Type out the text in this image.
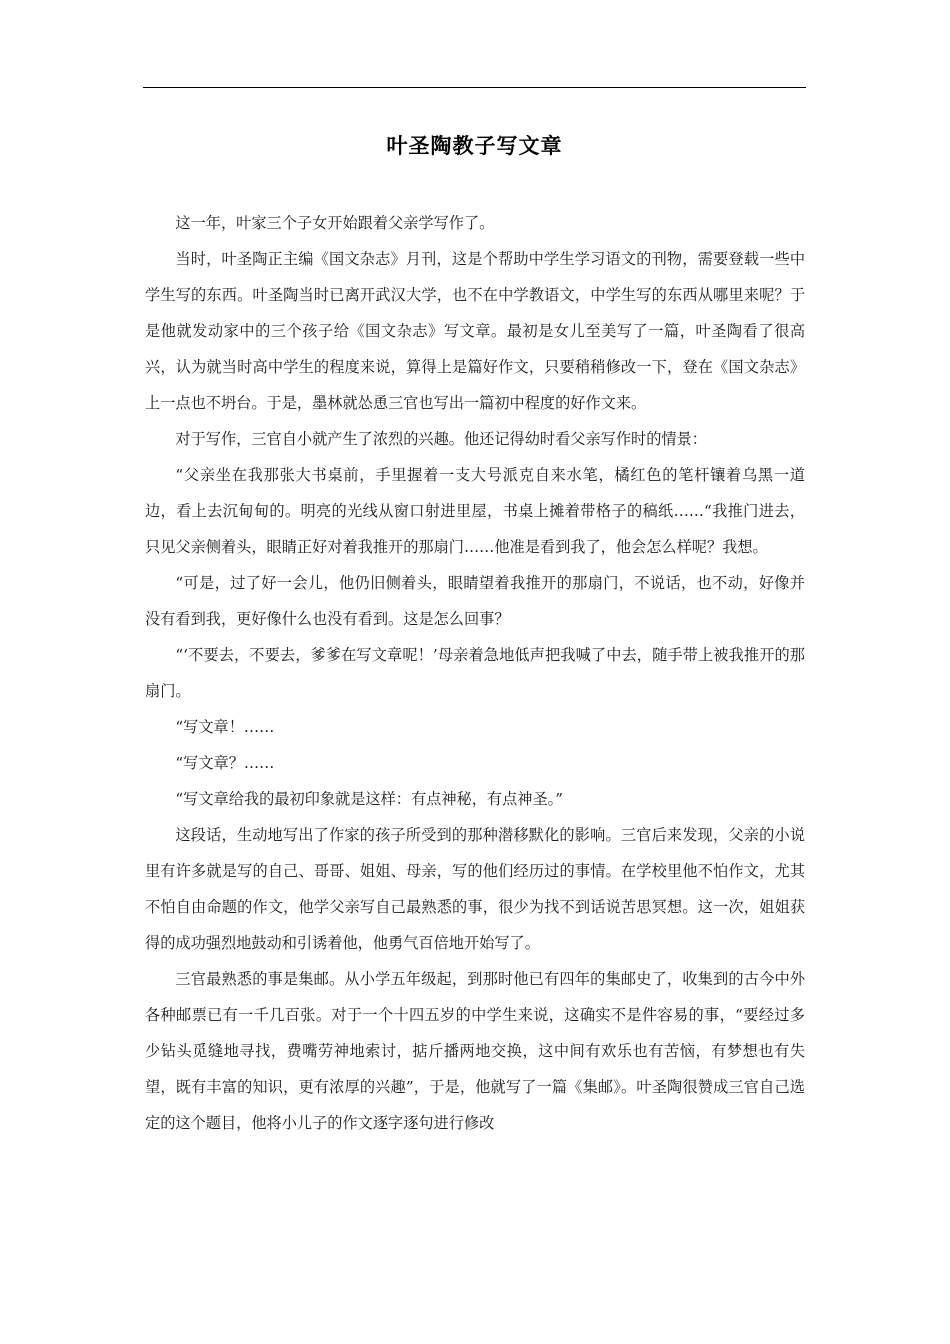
叶圣陶教子写文章

这一年，叶家三个子女开始跟着父亲学写作了。

当时，叶圣陶正主编《国文杂志》月刊，这是个帮助中学生学习语文的刊物，需要登载一些中学生写的东西。叶圣陶当时已离开武汉大学，也不在中学教语文，中学生写的东西从哪里来呢？于是他就发动家中的三个孩子给《国文杂志》写文章。最初是女儿至美写了一篇，叶圣陶看了很高兴，认为就当时高中学生的程度来说，算得上是篇好作文，只要稍稍修改一下，登在《国文杂志》上一点也不坍台。于是，墨林就怂恿三官也写出一篇初中程度的好作文来。

对于写作，三官自小就产生了浓烈的兴趣。他还记得幼时看父亲写作时的情景：

“父亲坐在我那张大书桌前，手里握着一支大号派克自来水笔，橘红色的笔杆镶着乌黑一道边，看上去沉甸甸的。明亮的光线从窗口射进里屋，书桌上摊着带格子的稿纸……“我推门进去，只见父亲侧着头，眼睛正好对着我推开的那扇门……他准是看到我了，他会怎么样呢？我想。

“可是，过了好一会儿，他仍旧侧着头，眼睛望着我推开的那扇门，不说话，也不动，好像并没有看到我，更好像什么也没有看到。这是怎么回事？

“‘不要去，不要去，爹爹在写文章呢！’母亲着急地低声把我喊了中去，随手带上被我推开的那扇门。

“写文章！……

“写文章？……

“写文章给我的最初印象就是这样：有点神秘，有点神圣。”

这段话，生动地写出了作家的孩子所受到的那种潜移默化的影响。三官后来发现，父亲的小说里有许多就是写的自己、哥哥、姐姐、母亲，写的他们经历过的事情。在学校里他不怕作文，尤其不怕自由命题的作文，他学父亲写自己最熟悉的事，很少为找不到话说苦思冥想。这一次，姐姐获得的成功强烈地鼓动和引诱着他，他勇气百倍地开始写了。

三官最熟悉的事是集邮。从小学五年级起，到那时他已有四年的集邮史了，收集到的古今中外各种邮票已有一千几百张。对于一个十四五岁的中学生来说，这确实不是件容易的事，“要经过多少钻头觅缝地寻找，费嘴劳神地索讨，掂斤播两地交换，这中间有欢乐也有苦恼，有梦想也有失望，既有丰富的知识，更有浓厚的兴趣”，于是，他就写了一篇《集邮》。叶圣陶很赞成三官自己选定的这个题目，他将小儿子的作文逐字逐句进行修改
